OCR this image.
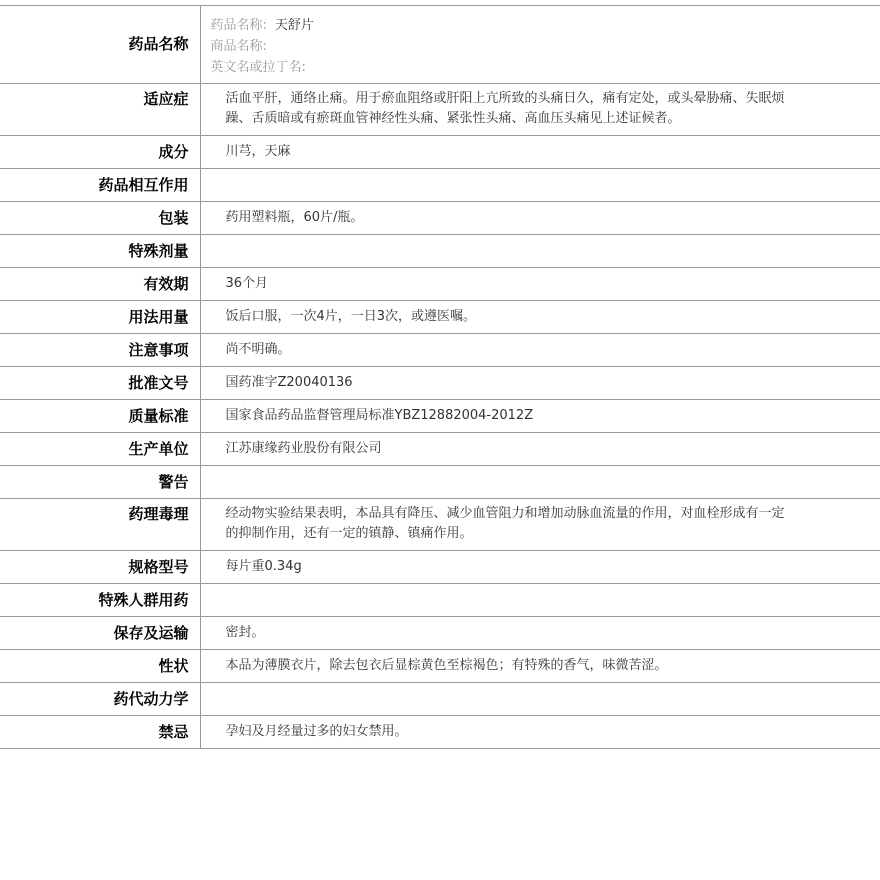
药品名称	药品名称: 天舒片
商品名称:
英文名或拉丁名:

适应症	活血平肝，通络止痛。用于瘀血阻络或肝阳上亢所致的头痛日久，痛有定处，或头晕胁痛、失眠烦躁、舌质暗或有瘀斑血管神经性头痛、紧张性头痛、高血压头痛见上述证候者。
成分	川芎，天麻
药品相互作用	
包装	药用塑料瓶，60片/瓶。
特殊剂量	
有效期	36个月
用法用量	饭后口服，一次4片，一日3次，或遵医嘱。
注意事项	尚不明确。
批准文号	国药准字Z20040136
质量标准	国家食品药品监督管理局标准YBZ12882004-2012Z
生产单位	江苏康缘药业股份有限公司
警告	
药理毒理	经动物实验结果表明，本品具有降压、减少血管阻力和增加动脉血流量的作用，对血栓形成有一定的抑制作用，还有一定的镇静、镇痛作用。
规格型号	每片重0.34g
特殊人群用药	
保存及运输	密封。
性状	本品为薄膜衣片，除去包衣后显棕黄色至棕褐色；有特殊的香气，味微苦涩。
药代动力学	
禁忌	孕妇及月经量过多的妇女禁用。
